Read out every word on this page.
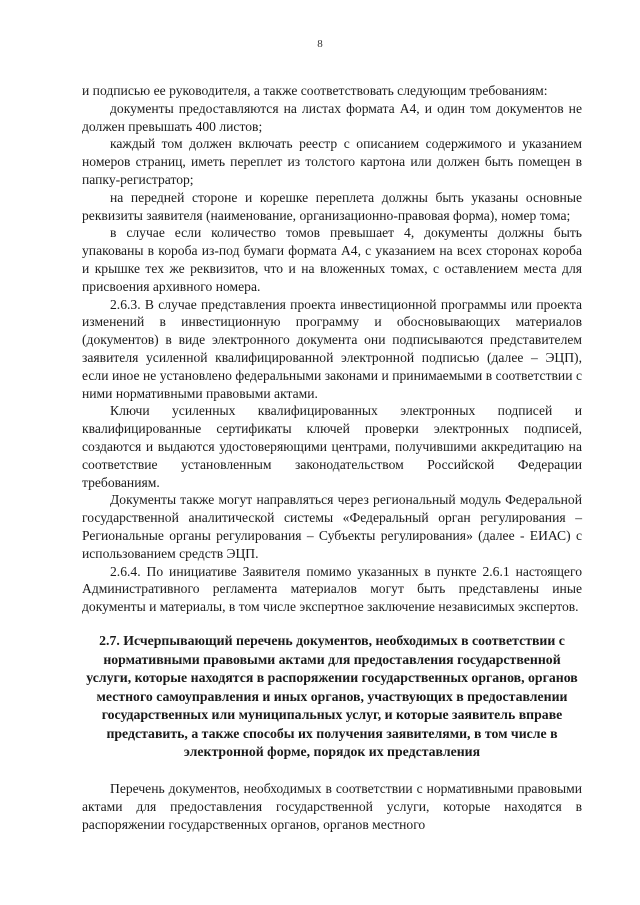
8

и подписью ее руководителя, а также соответствовать следующим требованиям:

документы предоставляются на листах формата А4, и один том документов не должен превышать 400 листов;

каждый том должен включать реестр с описанием содержимого и указанием номеров страниц, иметь переплет из толстого картона или должен быть помещен в папку-регистратор;

на передней стороне и корешке переплета должны быть указаны основные реквизиты заявителя (наименование, организационно-правовая форма), номер тома;

в случае если количество томов превышает 4, документы должны быть упакованы в короба из-под бумаги формата А4, с указанием на всех сторонах короба и крышке тех же реквизитов, что и на вложенных томах, с оставлением места для присвоения архивного номера.

2.6.3. В случае представления проекта инвестиционной программы или проекта изменений в инвестиционную программу и обосновывающих материалов (документов) в виде электронного документа они подписываются представителем заявителя усиленной квалифицированной электронной подписью (далее – ЭЦП), если иное не установлено федеральными законами и принимаемыми в соответствии с ними нормативными правовыми актами.

Ключи усиленных квалифицированных электронных подписей и квалифицированные сертификаты ключей проверки электронных подписей, создаются и выдаются удостоверяющими центрами, получившими аккредитацию на соответствие установленным законодательством Российской Федерации требованиям.

Документы также могут направляться через региональный модуль Федеральной государственной аналитической системы «Федеральный орган регулирования – Региональные органы регулирования – Субъекты регулирования» (далее - ЕИАС) с использованием средств ЭЦП.

2.6.4. По инициативе Заявителя помимо указанных в пункте 2.6.1 настоящего Административного регламента материалов могут быть представлены иные документы и материалы, в том числе экспертное заключение независимых экспертов.

2.7. Исчерпывающий перечень документов, необходимых в соответствии с нормативными правовыми актами для предоставления государственной услуги, которые находятся в распоряжении государственных органов, органов местного самоуправления и иных органов, участвующих в предоставлении государственных или муниципальных услуг, и которые заявитель вправе представить, а также способы их получения заявителями, в том числе в электронной форме, порядок их представления

Перечень документов, необходимых в соответствии с нормативными правовыми актами для предоставления государственной услуги, которые находятся в распоряжении государственных органов, органов местного
